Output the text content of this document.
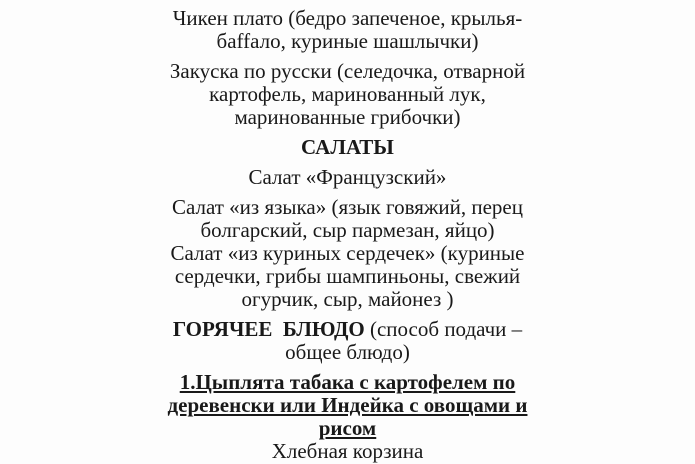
Чикен плато (бедро запеченое, крылья-
баffало, куриные шашлычки)

Закуска по русски (селедочка, отварной
картофель, маринованный лук,
маринованные грибочки)

САЛАТЫ

Салат «Французский»

Салат «из языка» (язык говяжий, перец
болгарский, сыр пармезан, яйцо)

Салат «из куриных сердечек» (куриные
сердечки, грибы шампиньоны, свежий
огурчик, сыр, майонез )

ГОРЯЧЕЕ  БЛЮДО (способ подачи –
общее блюдо)

1.Цыплята табака с картофелем по
деревенски или Индейка с овощами и
рисом

Хлебная корзина
